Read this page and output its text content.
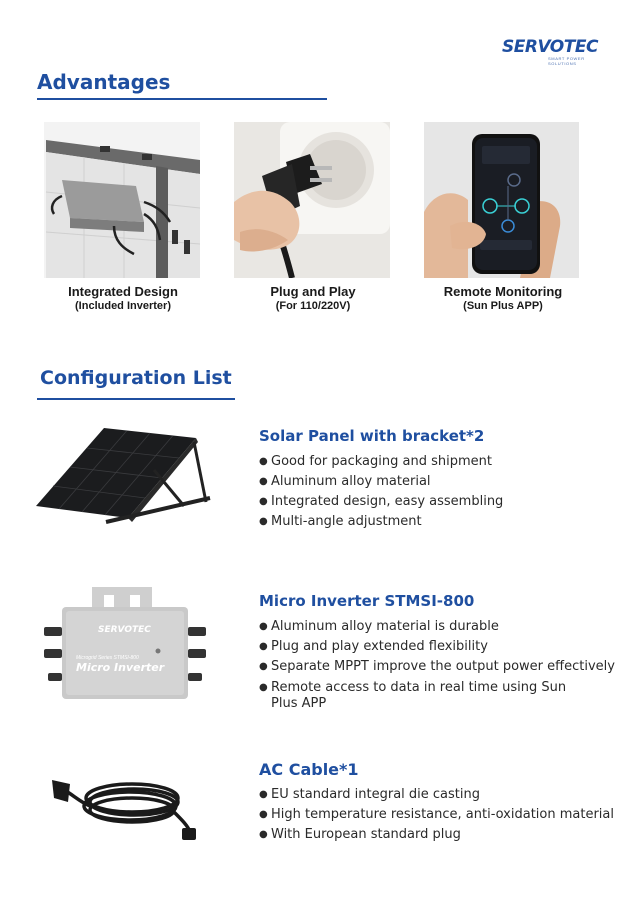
SERVOTEC
SMART POWER SOLUTIONS
Advantages
Integrated Design
(Included Inverter)
Plug and Play
(For 110/220V)
Remote Monitoring
(Sun Plus APP)
Configuration List
Solar Panel with bracket*2
● Good for packaging and shipment
● Aluminum alloy material
● Integrated design, easy assembling
● Multi-angle adjustment
SERVOTEC
Microgrid Series STMSI-800
Micro Inverter
Micro Inverter STMSI-800
● Aluminum alloy material is durable
● Plug and play extended flexibility
● Separate MPPT improve the output power effectively
● Remote access to data in real time using Sun Plus APP
AC Cable*1
● EU standard integral die casting
● High temperature resistance, anti-oxidation material
● With European standard plug
